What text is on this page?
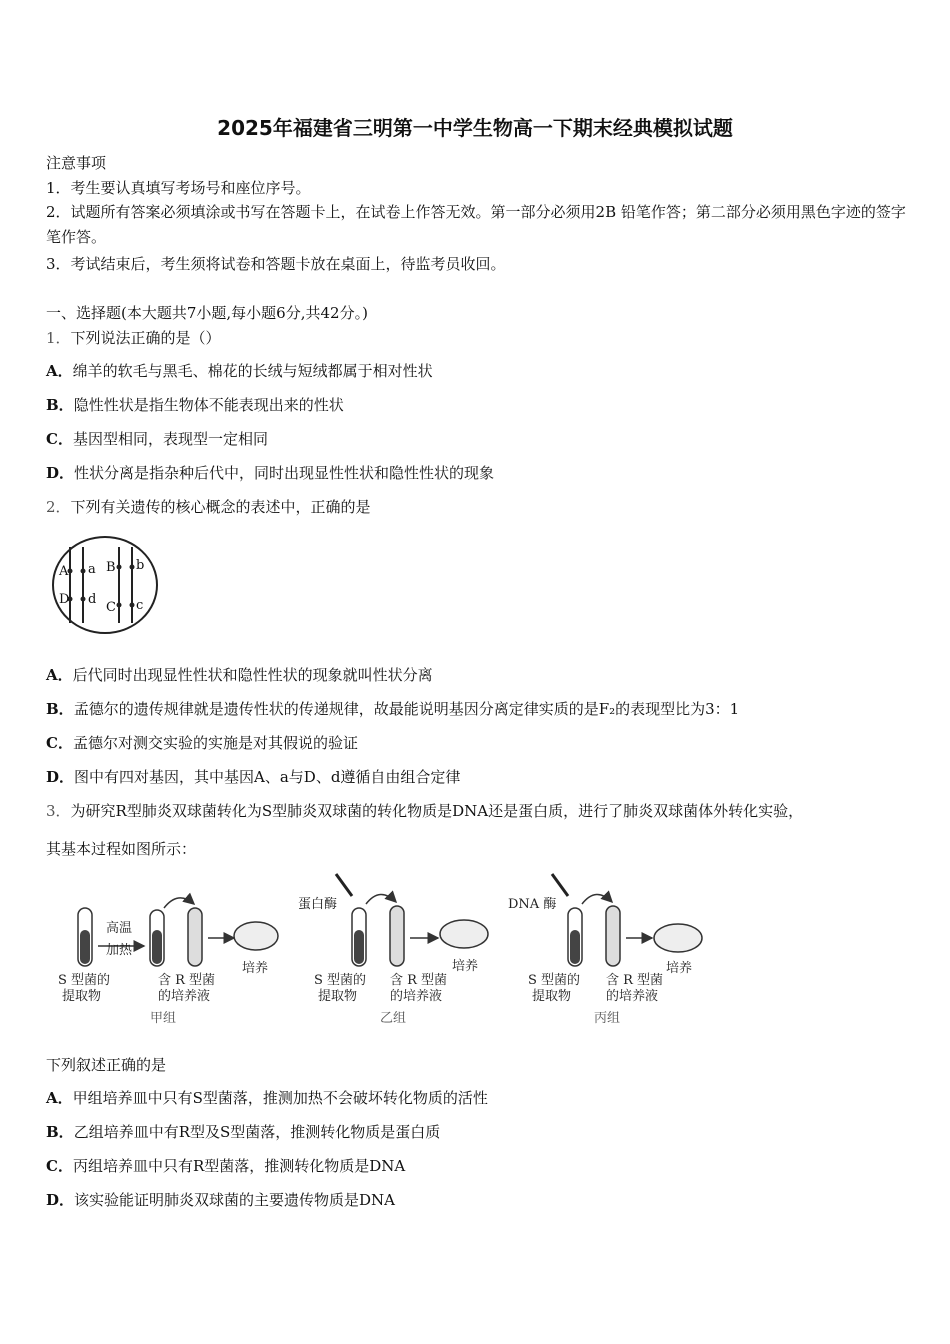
2025年福建省三明第一中学生物高一下期末经典模拟试题
注意事项
1．考生要认真填写考场号和座位序号。
2．试题所有答案必须填涂或书写在答题卡上，在试卷上作答无效。第一部分必须用2B 铅笔作答；第二部分必须用黑色字迹的签字笔作答。
3．考试结束后，考生须将试卷和答题卡放在桌面上，待监考员收回。
一、选择题(本大题共7小题,每小题6分,共42分。)
1．下列说法正确的是（）
A．绵羊的软毛与黑毛、棉花的长绒与短绒都属于相对性状
B．隐性性状是指生物体不能表现出来的性状
C．基因型相同，表现型一定相同
D．性状分离是指杂种后代中，同时出现显性性状和隐性性状的现象
2．下列有关遗传的核心概念的表述中，正确的是
A a B b
D d
C c
A．后代同时出现显性性状和隐性性状的现象就叫性状分离
B．孟德尔的遗传规律就是遗传性状的传递规律，故最能说明基因分离定律实质的是F₂的表现型比为3：1
C．孟德尔对测交实验的实施是对其假说的验证
D．图中有四对基因，其中基因A、a与D、d遵循自由组合定律
3．为研究R型肺炎双球菌转化为S型肺炎双球菌的转化物质是DNA还是蛋白质，进行了肺炎双球菌体外转化实验，
其基本过程如图所示：
高温
加热
培养
S 型菌的
提取物
含 R 型菌
的培养液
甲组
蛋白酶
培养
S 型菌的
提取物
含 R 型菌
的培养液
乙组
DNA 酶
培养
S 型菌的
提取物
含 R 型菌
的培养液
丙组
下列叙述正确的是
A．甲组培养皿中只有S型菌落，推测加热不会破坏转化物质的活性
B．乙组培养皿中有R型及S型菌落，推测转化物质是蛋白质
C．丙组培养皿中只有R型菌落，推测转化物质是DNA
D．该实验能证明肺炎双球菌的主要遗传物质是DNA
